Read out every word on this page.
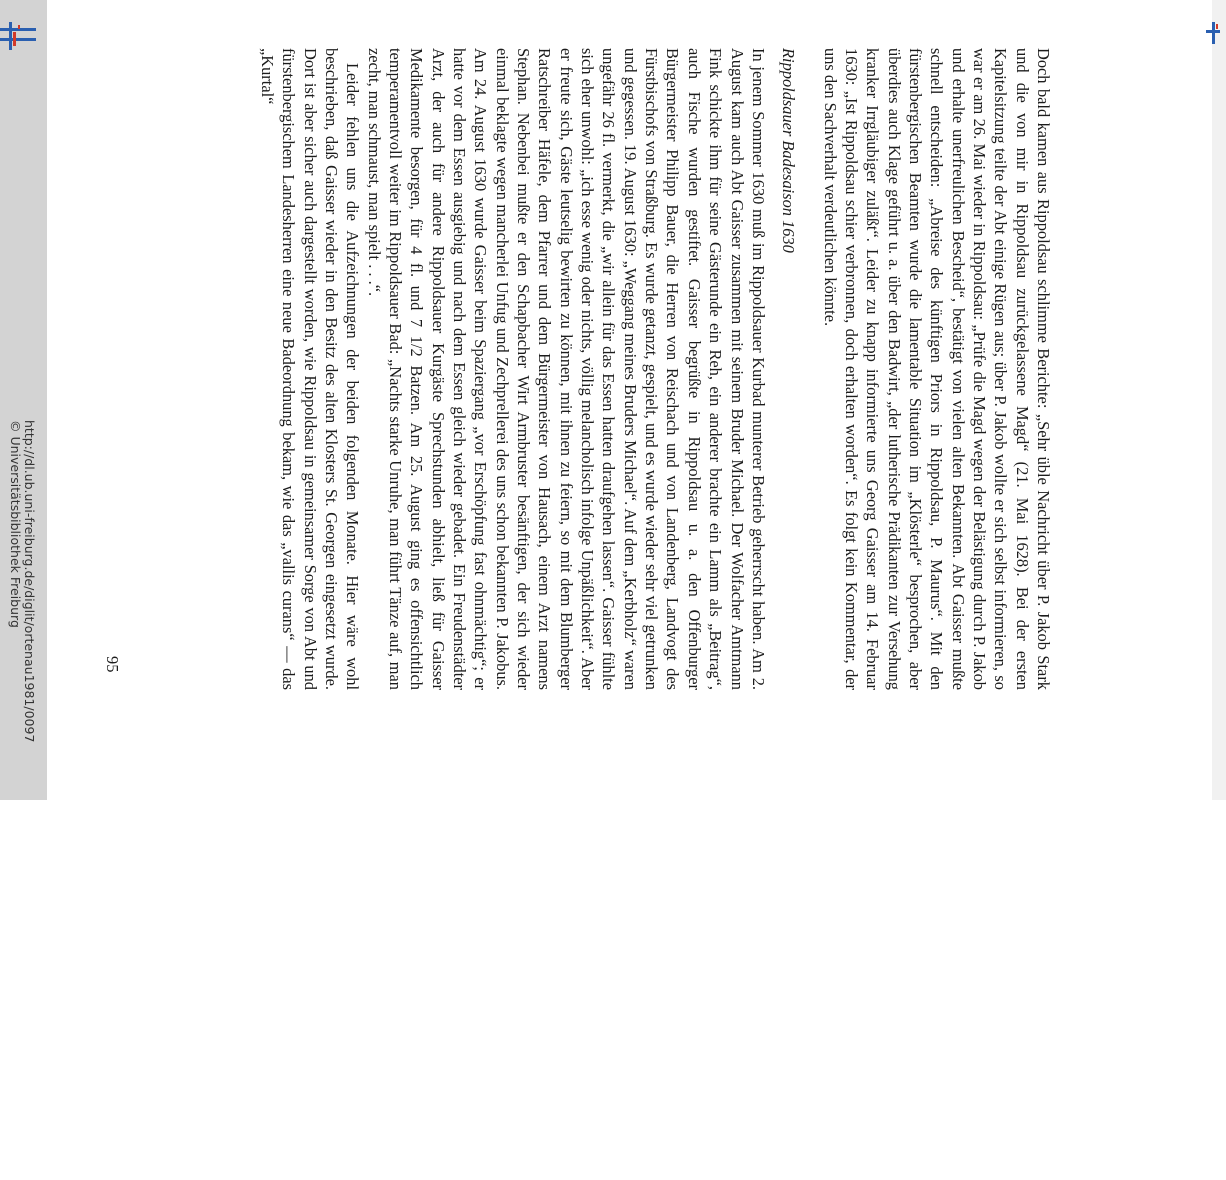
Doch bald kamen aus Rippoldsau schlimme Berichte: „Sehr üble Nachricht über P. Jakob Stark und die von mir in Rippoldsau zurückgelassene Magd“ (21. Mai 1628). Bei der ersten Kapitelsitzung teilte der Abt einige Rügen aus; über P. Jakob wollte er sich selbst informieren, so war er am 26. Mai wieder in Rippoldsau: „Prüfe die Magd wegen der Belästigung durch P. Jakob und erhalte unerfreulichen Bescheid“, bestätigt von vielen alten Bekannten. Abt Gaisser mußte schnell entscheiden: „Abreise des künftigen Priors in Rippoldsau, P. Maurus“. Mit den fürstenbergischen Beamten wurde die lamentable Situation im „Klösterle“ besprochen, aber überdies auch Klage geführt u. a. über den Badwirt, „der lutherische Prädikanten zur Versehung kranker Irrgläubiger zuläßt“. Leider zu knapp informierte uns Georg Gaisser am 14. Februar 1630: „Ist Rippoldsau schier verbronnen, doch erhalten worden“. Es folgt kein Kommentar, der uns den Sachverhalt verdeutlichen könnte.

Rippoldsauer Badesaison 1630

In jenem Sommer 1630 muß im Rippoldsauer Kurbad munterer Betrieb geherrscht haben. Am 2. August kam auch Abt Gaisser zusammen mit seinem Bruder Michael. Der Wolfacher Amtmann Fink schickte ihm für seine Gästerunde ein Reh, ein anderer brachte ein Lamm als „Beitrag“, auch Fische wurden gestiftet. Gaisser begrüßte in Rippoldsau u. a. den Offenburger Bürgermeister Philipp Bauer, die Herren von Reischach und von Landenberg, Landvogt des Fürstbischofs von Straßburg. Es wurde getanzt, gespielt, und es wurde wieder sehr viel getrunken und gegessen. 19. August 1630: „Weggang meines Bruders Michael“. Auf dem „Kerbholz“ waren ungefähr 26 fl. vermerkt, die „wir allein für das Essen hatten draufgehen lassen“. Gaisser fühlte sich eher unwohl: „ich esse wenig oder nichts, völlig melancholisch infolge Unpäßlichkeit“. Aber er freute sich, Gäste leutselig bewirten zu können, mit ihnen zu feiern, so mit dem Blumberger Ratschreiber Häfele, dem Pfarrer und dem Bürgermeister von Hausach, einem Arzt namens Stephan. Nebenbei mußte er den Schapbacher Wirt Armbruster besänftigen, der sich wieder einmal beklagte wegen mancherlei Unfug und Zechprellerei des uns schon bekannten P. Jakobus. Am 24. August 1630 wurde Gaisser beim Spaziergang „vor Erschöpfung fast ohnmächtig“; er hatte vor dem Essen ausgiebig und nach dem Essen gleich wieder gebadet. Ein Freudenstädter Arzt, der auch für andere Rippoldsauer Kurgäste Sprechstunden abhielt, ließ für Gaisser Medikamente besorgen, für 4 fl. und 7 1/2 Batzen. Am 25. August ging es offensichtlich temperamentvoll weiter im Rippoldsauer Bad: „Nachts starke Unruhe, man führt Tänze auf, man zecht, man schmaust, man spielt . . .“.

Leider fehlen uns die Aufzeichnungen der beiden folgenden Monate. Hier wäre wohl beschrieben, daß Gaisser wieder in den Besitz des alten Klosters St. Georgen eingesetzt wurde. Dort ist aber sicher auch dargestellt worden, wie Rippoldsau in gemeinsamer Sorge von Abt und fürstenbergischem Landesherren eine neue Badeordnung bekam, wie das „vallis curans“ — das „Kurtal“

95
http://dl.ub.uni-freiburg.de/diglit/ortenau1981/0097
© Universitätsbibliothek Freiburg
